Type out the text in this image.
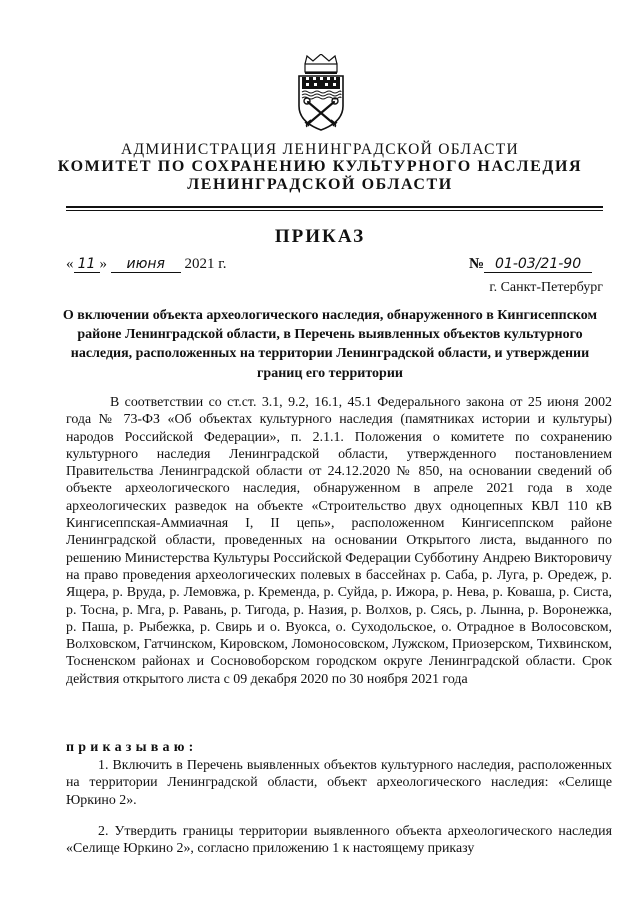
АДМИНИСТРАЦИЯ ЛЕНИНГРАДСКОЙ ОБЛАСТИ
КОМИТЕТ ПО СОХРАНЕНИЮ КУЛЬТУРНОГО НАСЛЕДИЯ
ЛЕНИНГРАДСКОЙ ОБЛАСТИ
ПРИКАЗ
« 11 » июня 2021 г.	№ 01-03/21-90
г. Санкт-Петербург
О включении объекта археологического наследия, обнаруженного в Кингисеппском районе Ленинградской области, в Перечень выявленных объектов культурного наследия, расположенных на территории Ленинградской области, и утверждении границ его территории

В соответствии со ст.ст. 3.1, 9.2, 16.1, 45.1 Федерального закона от 25 июня 2002 года № 73-ФЗ «Об объектах культурного наследия (памятниках истории и культуры) народов Российской Федерации», п. 2.1.1. Положения о комитете по сохранению культурного наследия Ленинградской области, утвержденного постановлением Правительства Ленинградской области от 24.12.2020 № 850, на основании сведений об объекте археологического наследия, обнаруженном в апреле 2021 года в ходе археологических разведок на объекте «Строительство двух одноцепных КВЛ 110 кВ Кингисеппская-Аммиачная I, II цепь», расположенном Кингисеппском районе Ленинградской области, проведенных на основании Открытого листа, выданного по решению Министерства Культуры Российской Федерации Субботину Андрею Викторовичу на право проведения археологических полевых в бассейнах р. Саба, р. Луга, р. Оредеж, р. Ящера, р. Вруда, р. Лемовжа, р. Кременда, р. Суйда, р. Ижора, р. Нева, р. Коваша, р. Систа, р. Тосна, р. Мга, р. Равань, р. Тигода, р. Назия, р. Волхов, р. Сясь, р. Лынна, р. Воронежка, р. Паша, р. Рыбежка, р. Свирь и о. Вуокса, о. Суходольское, о. Отрадное в Волосовском, Волховском, Гатчинском, Кировском, Ломоносовском, Лужском, Приозерском, Тихвинском, Тосненском районах и Сосновоборском городском округе Ленинградской области. Срок действия открытого листа с 09 декабря 2020 по 30 ноября 2021 года

приказываю:

1. Включить в Перечень выявленных объектов культурного наследия, расположенных на территории Ленинградской области, объект археологического наследия: «Селище Юркино 2».

2. Утвердить границы территории выявленного объекта археологического наследия «Селище Юркино 2», согласно приложению 1 к настоящему приказу
